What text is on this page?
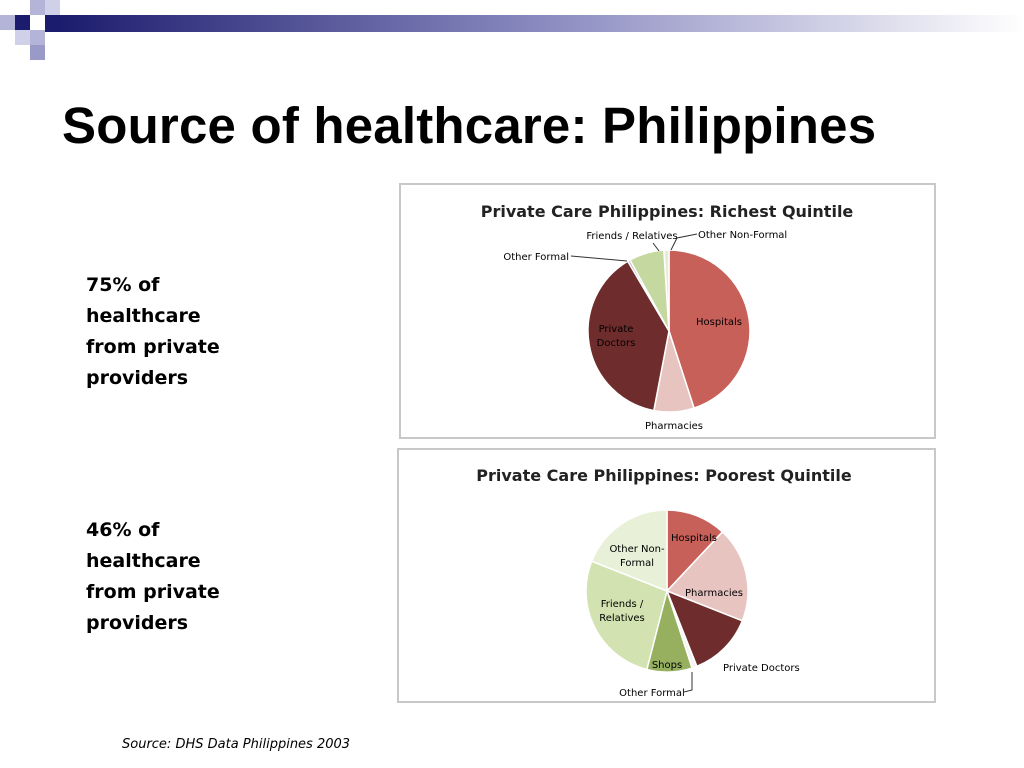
Source of healthcare: Philippines

75% of
healthcare
from private
providers

46% of
healthcare
from private
providers

Private Care Philippines: Richest Quintile
Hospitals
Pharmacies
Private Doctors
Other Formal
Friends / Relatives Other Non-Formal
Private Care Philippines: Poorest Quintile
Hospitals
Pharmacies
Private Doctors
Other Formal
Shops
Friends / Relatives
Other Non-Formal

Source: DHS Data Philippines 2003
